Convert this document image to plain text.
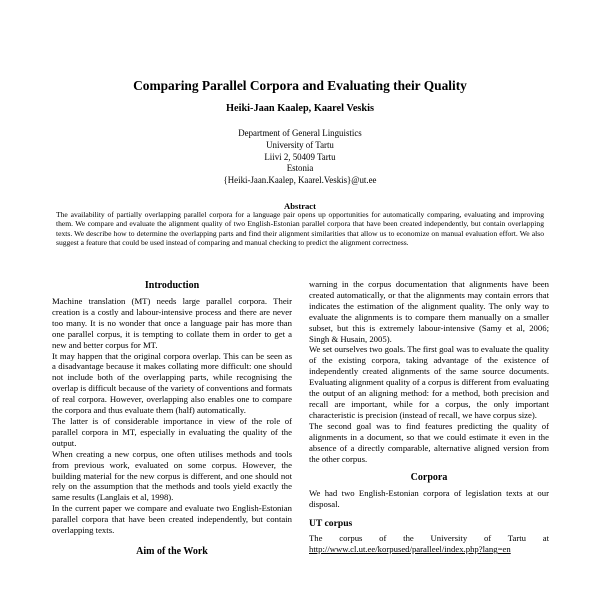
Comparing Parallel Corpora and Evaluating their Quality
Heiki-Jaan Kaalep, Kaarel Veskis
Department of General Linguistics
University of Tartu
Liivi 2, 50409 Tartu
Estonia
{Heiki-Jaan.Kaalep, Kaarel.Veskis}@ut.ee
Abstract
The availability of partially overlapping parallel corpora for a language pair opens up opportunities for automatically comparing, evaluating and improving them. We compare and evaluate the alignment quality of two English-Estonian parallel corpora that have been created independently, but contain overlapping texts. We describe how to determine the overlapping parts and find their alignment similarities that allow us to economize on manual evaluation effort. We also suggest a feature that could be used instead of comparing and manual checking to predict the alignment correctness.
Introduction

Machine translation (MT) needs large parallel corpora. Their creation is a costly and labour-intensive process and there are never too many. It is no wonder that once a language pair has more than one parallel corpus, it is tempting to collate them in order to get a new and better corpus for MT.

It may happen that the original corpora overlap. This can be seen as a disadvantage because it makes collating more difficult: one should not include both of the overlapping parts, while recognising the overlap is difficult because of the variety of conventions and formats of real corpora. However, overlapping also enables one to compare the corpora and thus evaluate them (half) automatically.

The latter is of considerable importance in view of the role of parallel corpora in MT, especially in evaluating the quality of the output.

When creating a new corpus, one often utilises methods and tools from previous work, evaluated on some corpus. However, the building material for the new corpus is different, and one should not rely on the assumption that the methods and tools yield exactly the same results (Langlais et al, 1998).

In the current paper we compare and evaluate two English-Estonian parallel corpora that have been created independently, but contain overlapping texts.

Aim of the Work

warning in the corpus documentation that alignments have been created automatically, or that the alignments may contain errors that indicates the estimation of the alignment quality. The only way to evaluate the alignments is to compare them manually on a smaller subset, but this is extremely labour-intensive (Samy et al, 2006; Singh & Husain, 2005).

We set ourselves two goals. The first goal was to evaluate the quality of the existing corpora, taking advantage of the existence of independently created alignments of the same source documents. Evaluating alignment quality of a corpus is different from evaluating the output of an aligning method: for a method, both precision and recall are important, while for a corpus, the only important characteristic is precision (instead of recall, we have corpus size).

The second goal was to find features predicting the quality of alignments in a document, so that we could estimate it even in the absence of a directly comparable, alternative aligned version from the other corpus.

Corpora

We had two English-Estonian corpora of legislation texts at our disposal.

UT corpus

The corpus of the University of Tartu at

http://www.cl.ut.ee/korpused/paralleel/index.php?lang=en
